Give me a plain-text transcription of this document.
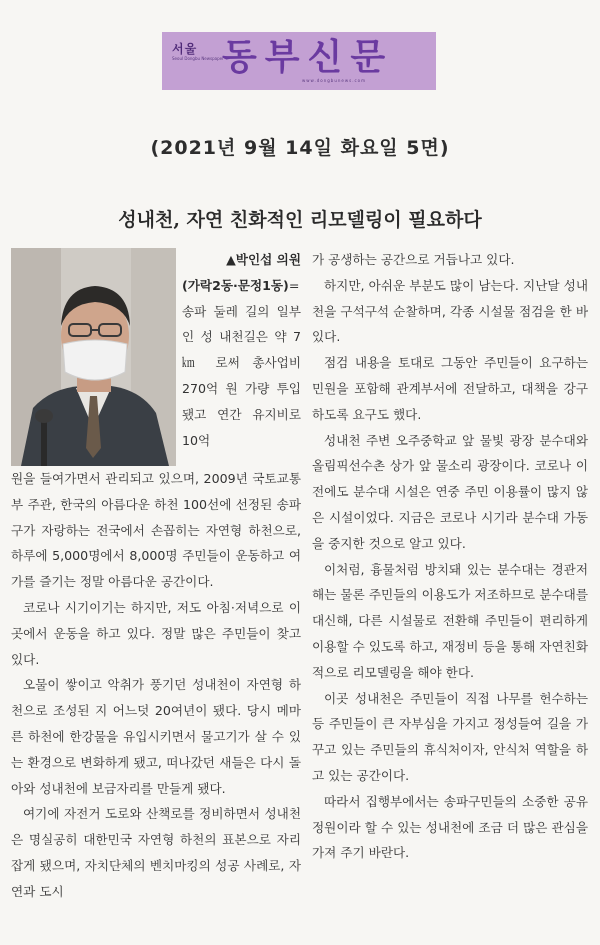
서울
Seoul Dongbu Newspaper
동부신문
www.dongbunews.com
(2021년 9월 14일 화요일 5면)
성내천, 자연 친화적인 리모델링이 필요하다

▲박인섭 의원

(가락2동·문정1동)= 송파 둘레 길의 일부인 성 내천길은 약 7㎞ 로써 총사업비 270억 원 가량 투입됐고 연간 유지비로 10억

원을 들여가면서 관리되고 있으며, 2009년 국토교통부 주관, 한국의 아름다운 하천 100선에 선정된 송파구가 자랑하는 전국에서 손꼽히는 자연형 하천으로, 하루에 5,000명에서 8,000명 주민들이 운동하고 여가를 즐기는 정말 아름다운 공간이다.

코로나 시기이기는 하지만, 저도 아침·저녁으로 이곳에서 운동을 하고 있다. 정말 많은 주민들이 찾고 있다.

오물이 쌓이고 악취가 풍기던 성내천이 자연형 하천으로 조성된 지 어느덧 20여년이 됐다. 당시 메마른 하천에 한강물을 유입시키면서 물고기가 살 수 있는 환경으로 변화하게 됐고, 떠나갔던 새들은 다시 돌아와 성내천에 보금자리를 만들게 됐다.

여기에 자전거 도로와 산책로를 정비하면서 성내천은 명실공히 대한민국 자연형 하천의 표본으로 자리 잡게 됐으며, 자치단체의 벤치마킹의 성공 사례로, 자연과 도시

가 공생하는 공간으로 거듭나고 있다.

하지만, 아쉬운 부분도 많이 남는다. 지난달 성내천을 구석구석 순찰하며, 각종 시설물 점검을 한 바 있다.

점검 내용을 토대로 그동안 주민들이 요구하는 민원을 포함해 관계부서에 전달하고, 대책을 강구하도록 요구도 했다.

성내천 주변 오주중학교 앞 물빛 광장 분수대와 올림픽선수촌 상가 앞 물소리 광장이다. 코로나 이전에도 분수대 시설은 연중 주민 이용률이 많지 않은 시설이었다. 지금은 코로나 시기라 분수대 가동을 중지한 것으로 알고 있다.

이처럼, 흉물처럼 방치돼 있는 분수대는 경관저해는 물론 주민들의 이용도가 저조하므로 분수대를 대신해, 다른 시설물로 전환해 주민들이 편리하게 이용할 수 있도록 하고, 재정비 등을 통해 자연친화적으로 리모델링을 해야 한다.

이곳 성내천은 주민들이 직접 나무를 헌수하는 등 주민들이 큰 자부심을 가지고 정성들여 길을 가꾸고 있는 주민들의 휴식처이자, 안식처 역할을 하고 있는 공간이다.

따라서 집행부에서는 송파구민들의 소중한 공유정원이라 할 수 있는 성내천에 조금 더 많은 관심을 가져 주기 바란다.
